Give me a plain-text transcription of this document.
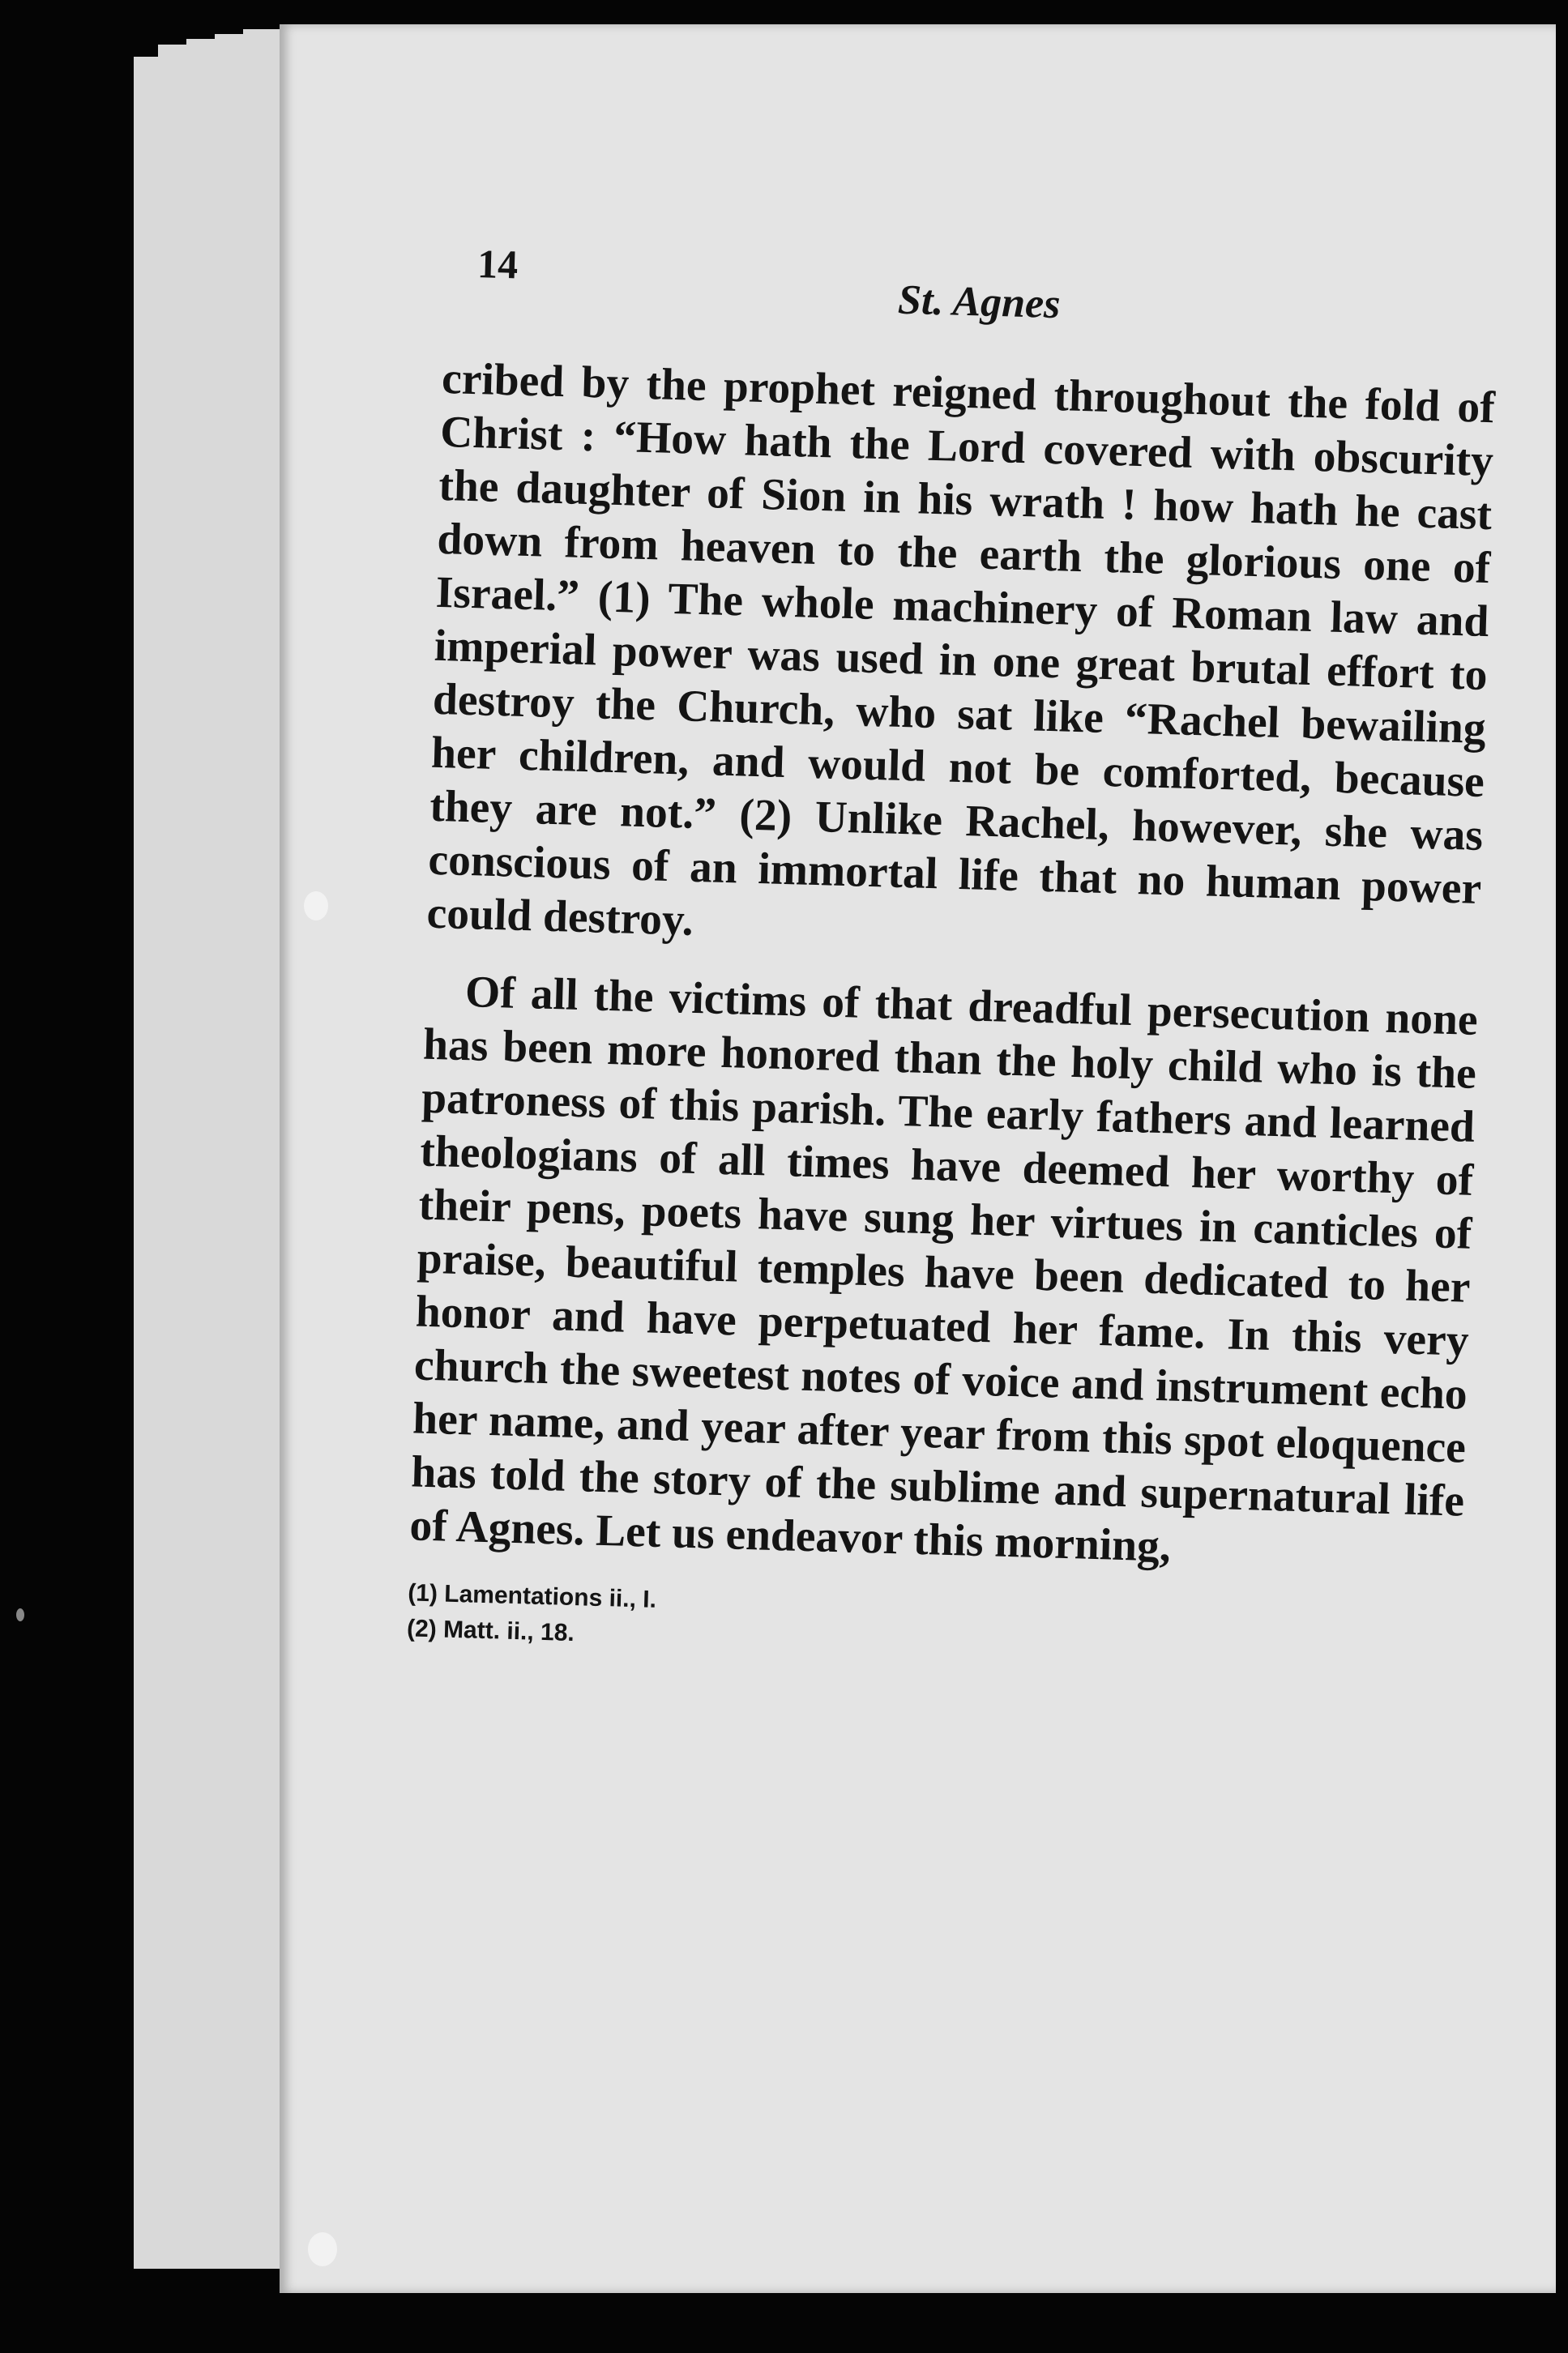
14
St. Agnes

cribed by the prophet reigned throughout the fold of Christ : “How hath the Lord covered with obscurity the daughter of Sion in his wrath ! how hath he cast down from heaven to the earth the glorious one of Israel.” (1) The whole machinery of Roman law and imperial power was used in one great brutal effort to destroy the Church, who sat like “Rachel bewailing her children, and would not be comforted, because they are not.” (2) Unlike Rachel, however, she was conscious of an immortal life that no human power could destroy.

Of all the victims of that dreadful persecution none has been more honored than the holy child who is the patroness of this parish. The early fathers and learned theologians of all times have deemed her worthy of their pens, poets have sung her virtues in canticles of praise, beautiful temples have been dedicated to her honor and have perpetuated her fame. In this very church the sweetest notes of voice and instrument echo her name, and year after year from this spot eloquence has told the story of the sublime and supernatural life of Agnes. Let us endeavor this morning,

(1) Lamentations ii., I.
(2) Matt. ii., 18.
